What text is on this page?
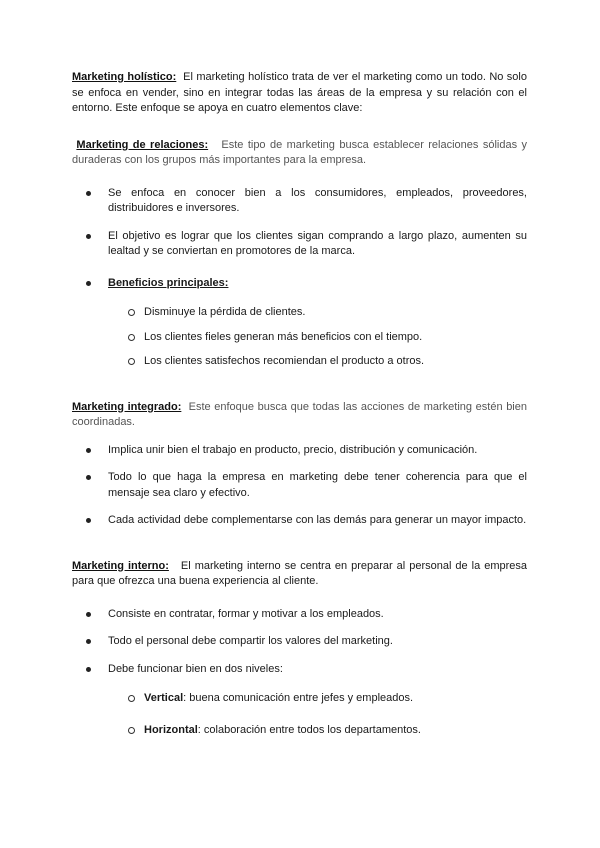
Marketing holístico: El marketing holístico trata de ver el marketing como un todo. No solo se enfoca en vender, sino en integrar todas las áreas de la empresa y su relación con el entorno. Este enfoque se apoya en cuatro elementos clave:

Marketing de relaciones: Este tipo de marketing busca establecer relaciones sólidas y duraderas con los grupos más importantes para la empresa.

Se enfoca en conocer bien a los consumidores, empleados, proveedores, distribuidores e inversores.

El objetivo es lograr que los clientes sigan comprando a largo plazo, aumenten su lealtad y se conviertan en promotores de la marca.

Beneficios principales:

Disminuye la pérdida de clientes.
Los clientes fieles generan más beneficios con el tiempo.
Los clientes satisfechos recomiendan el producto a otros.

Marketing integrado: Este enfoque busca que todas las acciones de marketing estén bien coordinadas.

Implica unir bien el trabajo en producto, precio, distribución y comunicación.

Todo lo que haga la empresa en marketing debe tener coherencia para que el mensaje sea claro y efectivo.

Cada actividad debe complementarse con las demás para generar un mayor impacto.

Marketing interno: El marketing interno se centra en preparar al personal de la empresa para que ofrezca una buena experiencia al cliente.

Consiste en contratar, formar y motivar a los empleados.

Todo el personal debe compartir los valores del marketing.

Debe funcionar bien en dos niveles:

Vertical: buena comunicación entre jefes y empleados.
Horizontal: colaboración entre todos los departamentos.
